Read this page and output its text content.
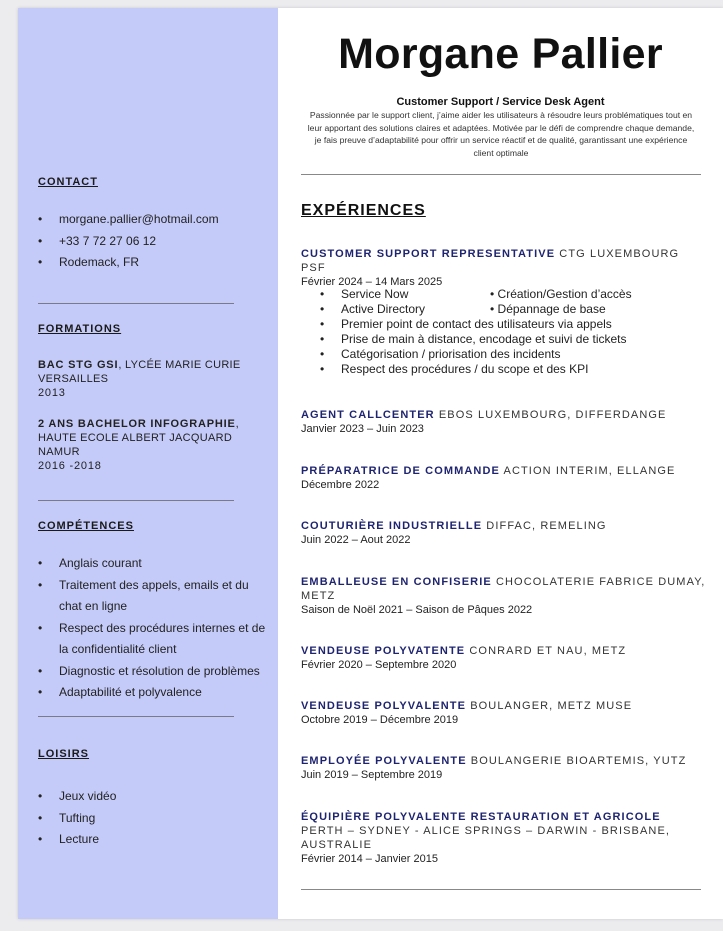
CONTACT
• morgane.pallier@hotmail.com
• +33 7 72 27 06 12
• Rodemack, FR
FORMATIONS
BAC STG GSI, LYCÉE MARIE CURIE VERSAILLES
2013
2 ANS BACHELOR INFOGRAPHIE, HAUTE ECOLE ALBERT JACQUARD NAMUR
2016 -2018
COMPÉTENCES
• Anglais courant
• Traitement des appels, emails et du chat en ligne
• Respect des procédures internes et de la confidentialité client
• Diagnostic et résolution de problèmes
• Adaptabilité et polyvalence
LOISIRS
• Jeux vidéo
• Tufting
• Lecture
Morgane Pallier
Customer Support / Service Desk Agent
Passionnée par le support client, j’aime aider les utilisateurs à résoudre leurs problématiques tout en leur apportant des solutions claires et adaptées. Motivée par le défi de comprendre chaque demande, je fais preuve d’adaptabilité pour offrir un service réactif et de qualité, garantissant une expérience client optimale
EXPÉRIENCES
CUSTOMER SUPPORT REPRESENTATIVE CTG LUXEMBOURG PSF
Février 2024 – 14 Mars 2025
• Service Now	• Création/Gestion d’accès
• Active Directory	• Dépannage de base
• Premier point de contact des utilisateurs via appels
• Prise de main à distance, encodage et suivi de tickets
• Catégorisation / priorisation des incidents
• Respect des procédures / du scope et des KPI
AGENT CALLCENTER EBOS LUXEMBOURG, DIFFERDANGE
Janvier 2023 – Juin 2023
PRÉPARATRICE DE COMMANDE ACTION INTERIM, ELLANGE
Décembre 2022
COUTURIÈRE INDUSTRIELLE DIFFAC, REMELING
Juin 2022 – Aout 2022
EMBALLEUSE EN CONFISERIE CHOCOLATERIE FABRICE DUMAY, METZ
Saison de Noël 2021 – Saison de Pâques 2022
VENDEUSE POLYVATENTE CONRARD ET NAU, METZ
Février 2020 – Septembre 2020
VENDEUSE POLYVALENTE BOULANGER, METZ MUSE
Octobre 2019 – Décembre 2019
EMPLOYÉE POLYVALENTE BOULANGERIE BIOARTEMIS, YUTZ
Juin 2019 – Septembre 2019
ÉQUIPIÈRE POLYVALENTE RESTAURATION ET AGRICOLE PERTH – SYDNEY - ALICE SPRINGS – DARWIN - BRISBANE, AUSTRALIE
Février 2014 – Janvier 2015
